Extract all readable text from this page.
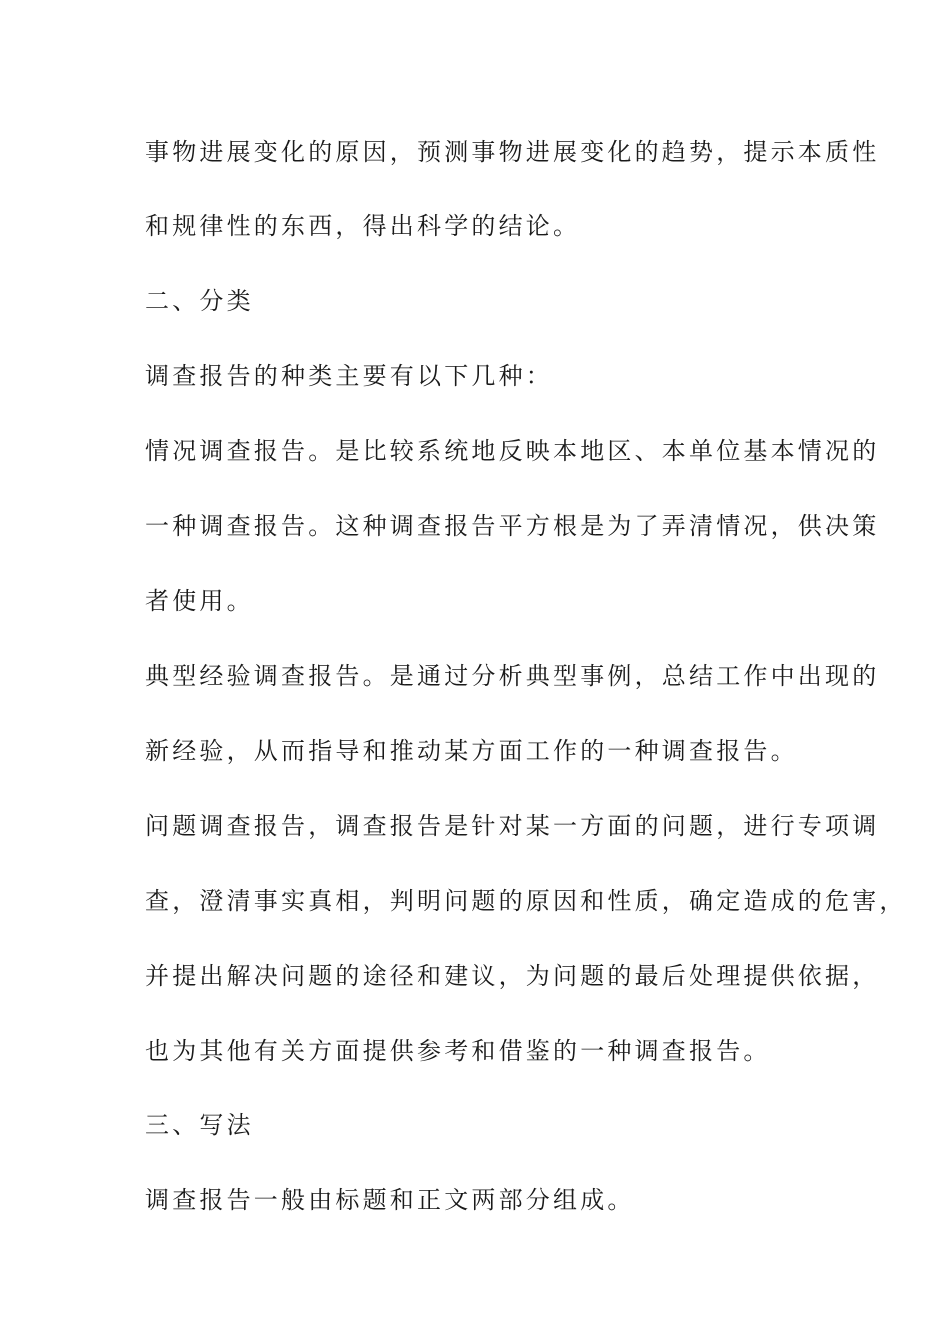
事物进展变化的原因，预测事物进展变化的趋势，提示本质性
和规律性的东西，得出科学的结论。
二、分类
调查报告的种类主要有以下几种：
情况调查报告。是比较系统地反映本地区、本单位基本情况的
一种调查报告。这种调查报告平方根是为了弄清情况，供决策
者使用。
典型经验调查报告。是通过分析典型事例，总结工作中出现的
新经验，从而指导和推动某方面工作的一种调查报告。
问题调查报告，调查报告是针对某一方面的问题，进行专项调
查，澄清事实真相，判明问题的原因和性质，确定造成的危害，
并提出解决问题的途径和建议，为问题的最后处理提供依据，
也为其他有关方面提供参考和借鉴的一种调查报告。
三、写法
调查报告一般由标题和正文两部分组成。
